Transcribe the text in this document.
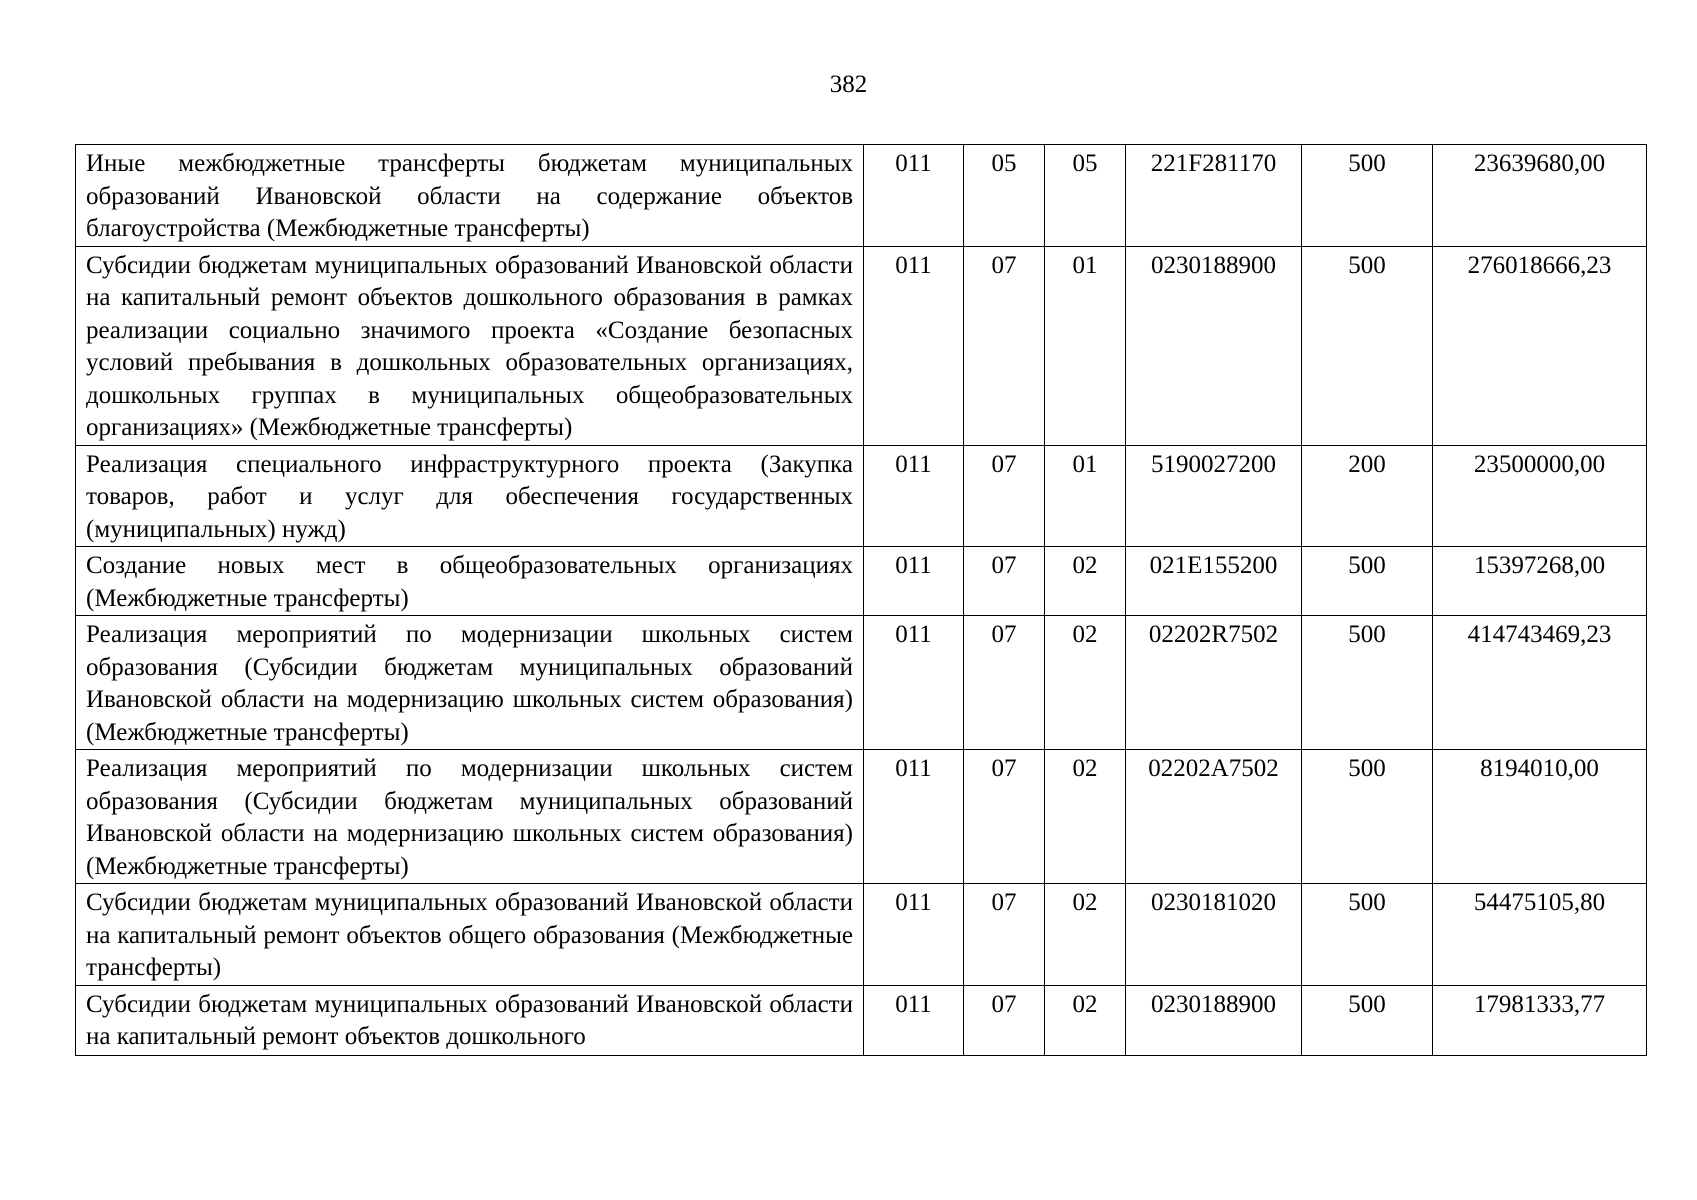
382
Иные межбюджетные трансферты бюджетам муниципальных образований Ивановской области на содержание объектов благоустройства (Межбюджетные трансферты)	011	05	05	221F281170	500	23639680,00
Субсидии бюджетам муниципальных образований Ивановской области на капитальный ремонт объектов дошкольного образования в рамках реализации социально значимого проекта «Создание безопасных условий пребывания в дошкольных образовательных организациях, дошкольных группах в муниципальных общеобразовательных организациях» (Межбюджетные трансферты)	011	07	01	0230188900	500	276018666,23
Реализация специального инфраструктурного проекта (Закупка товаров, работ и услуг для обеспечения государственных (муниципальных) нужд)	011	07	01	5190027200	200	23500000,00
Создание новых мест в общеобразовательных организациях (Межбюджетные трансферты)	011	07	02	021E155200	500	15397268,00
Реализация мероприятий по модернизации школьных систем образования (Субсидии бюджетам муниципальных образований Ивановской области на модернизацию школьных систем образования) (Межбюджетные трансферты)	011	07	02	02202R7502	500	414743469,23
Реализация мероприятий по модернизации школьных систем образования (Субсидии бюджетам муниципальных образований Ивановской области на модернизацию школьных систем образования) (Межбюджетные трансферты)	011	07	02	02202A7502	500	8194010,00
Субсидии бюджетам муниципальных образований Ивановской области на капитальный ремонт объектов общего образования (Межбюджетные трансферты)	011	07	02	0230181020	500	54475105,80
Субсидии бюджетам муниципальных образований Ивановской области на капитальный ремонт объектов дошкольного	011	07	02	0230188900	500	17981333,77
